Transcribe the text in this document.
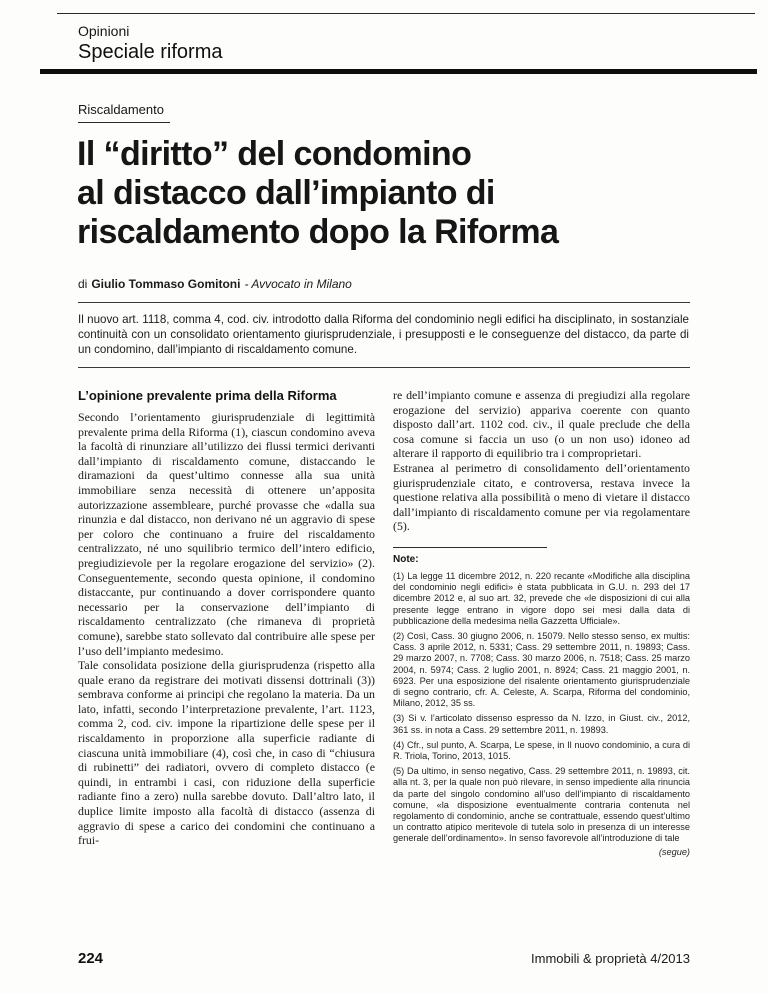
Opinioni
Speciale riforma
Riscaldamento
Il “diritto” del condomino
al distacco dall’impianto di
riscaldamento dopo la Riforma
di Giulio Tommaso Gomitoni - Avvocato in Milano
Il nuovo art. 1118, comma 4, cod. civ. introdotto dalla Riforma del condominio negli edifici ha disciplinato, in sostanziale continuità con un consolidato orientamento giurisprudenziale, i presupposti e le conseguenze del distacco, da parte di un condomino, dall’impianto di riscaldamento comune.
L’opinione prevalente prima della Riforma

Secondo l’orientamento giurisprudenziale di legittimità prevalente prima della Riforma (1), ciascun condomino aveva la facoltà di rinunziare all’utilizzo dei flussi termici derivanti dall’impianto di riscaldamento comune, distaccando le diramazioni da quest’ultimo connesse alla sua unità immobiliare senza necessità di ottenere un’apposita autorizzazione assembleare, purché provasse che «dalla sua rinunzia e dal distacco, non derivano né un aggravio di spese per coloro che continuano a fruire del riscaldamento centralizzato, né uno squilibrio termico dell’intero edificio, pregiudizievole per la regolare erogazione del servizio» (2). Conseguentemente, secondo questa opinione, il condomino distaccante, pur continuando a dover corrispondere quanto necessario per la conservazione dell’impianto di riscaldamento centralizzato (che rimaneva di proprietà comune), sarebbe stato sollevato dal contribuire alle spese per l’uso dell’impianto medesimo.

Tale consolidata posizione della giurisprudenza (rispetto alla quale erano da registrare dei motivati dissensi dottrinali (3)) sembrava conforme ai principi che regolano la materia. Da un lato, infatti, secondo l’interpretazione prevalente, l’art. 1123, comma 2, cod. civ. impone la ripartizione delle spese per il riscaldamento in proporzione alla superficie radiante di ciascuna unità immobiliare (4), così che, in caso di “chiusura di rubinetti” dei radiatori, ovvero di completo distacco (e quindi, in entrambi i casi, con riduzione della superficie radiante fino a zero) nulla sarebbe dovuto. Dall’altro lato, il duplice limite imposto alla facoltà di distacco (assenza di aggravio di spese a carico dei condomini che continuano a frui-

re dell’impianto comune e assenza di pregiudizi alla regolare erogazione del servizio) appariva coerente con quanto disposto dall’art. 1102 cod. civ., il quale preclude che della cosa comune si faccia un uso (o un non uso) idoneo ad alterare il rapporto di equilibrio tra i comproprietari.

Estranea al perimetro di consolidamento dell’orientamento giurisprudenziale citato, e controversa, restava invece la questione relativa alla possibilità o meno di vietare il distacco dall’impianto di riscaldamento comune per via regolamentare (5).

Note:

(1) La legge 11 dicembre 2012, n. 220 recante «Modifiche alla disciplina del condominio negli edifici» è stata pubblicata in G.U. n. 293 del 17 dicembre 2012 e, al suo art. 32, prevede che «le disposizioni di cui alla presente legge entrano in vigore dopo sei mesi dalla data di pubblicazione della medesima nella Gazzetta Ufficiale».

(2) Così, Cass. 30 giugno 2006, n. 15079. Nello stesso senso, ex multis: Cass. 3 aprile 2012, n. 5331; Cass. 29 settembre 2011, n. 19893; Cass. 29 marzo 2007, n. 7708; Cass. 30 marzo 2006, n. 7518; Cass. 25 marzo 2004, n. 5974; Cass. 2 luglio 2001, n. 8924; Cass. 21 maggio 2001, n. 6923. Per una esposizione del risalente orientamento giurisprudenziale di segno contrario, cfr. A. Celeste, A. Scarpa, Riforma del condominio, Milano, 2012, 35 ss.

(3) Si v. l’articolato dissenso espresso da N. Izzo, in Giust. civ., 2012, 361 ss. in nota a Cass. 29 settembre 2011, n. 19893.

(4) Cfr., sul punto, A. Scarpa, Le spese, in Il nuovo condominio, a cura di R. Triola, Torino, 2013, 1015.

(5) Da ultimo, in senso negativo, Cass. 29 settembre 2011, n. 19893, cit. alla nt. 3, per la quale non può rilevare, in senso impediente alla rinuncia da parte del singolo condomino all’uso dell’impianto di riscaldamento comune, «la disposizione eventualmente contraria contenuta nel regolamento di condominio, anche se contrattuale, essendo quest’ultimo un contratto atipico meritevole di tutela solo in presenza di un interesse generale dell’ordinamento». In senso favorevole all’introduzione di tale

(segue)
224	Immobili & proprietà 4/2013
